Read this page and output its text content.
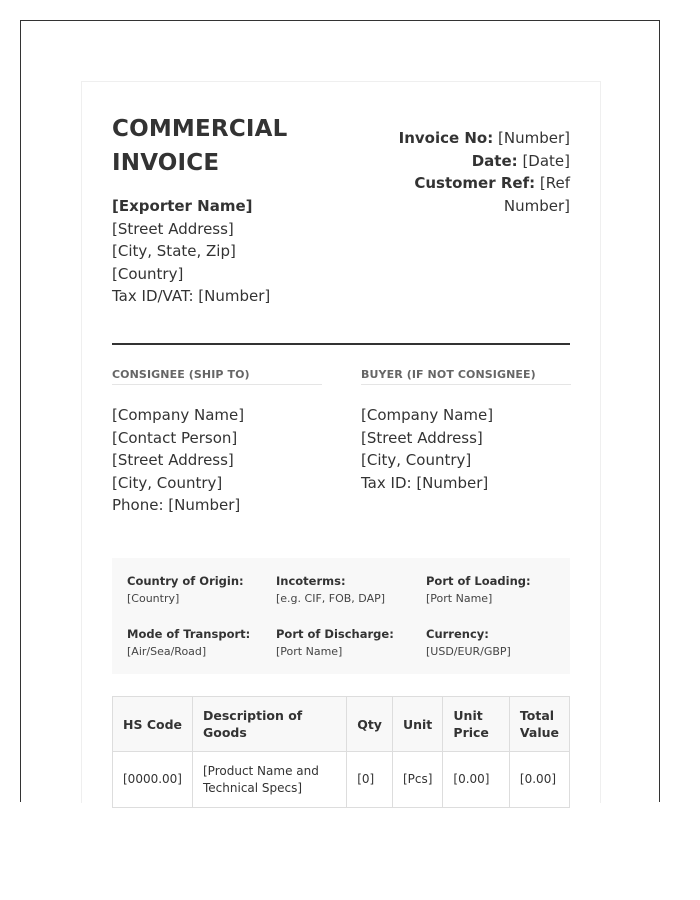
COMMERCIAL INVOICE
Invoice No: [Number]
Date: [Date]
Customer Ref: [Ref Number]
[Exporter Name]
[Street Address]
[City, State, Zip]
[Country]
Tax ID/VAT: [Number]
CONSIGNEE (SHIP TO)
[Company Name]
[Contact Person]
[Street Address]
[City, Country]
Phone: [Number]
BUYER (IF NOT CONSIGNEE)
[Company Name]
[Street Address]
[City, Country]
Tax ID: [Number]
Country of Origin:
[Country]
Incoterms:
[e.g. CIF, FOB, DAP]
Port of Loading:
[Port Name]
Mode of Transport:
[Air/Sea/Road]
Port of Discharge:
[Port Name]
Currency:
[USD/EUR/GBP]
HS Code	Description of Goods	Qty	Unit	Unit Price	Total Value
[0000.00]	[Product Name and Technical Specs]	[0]	[Pcs]	[0.00]	[0.00]
